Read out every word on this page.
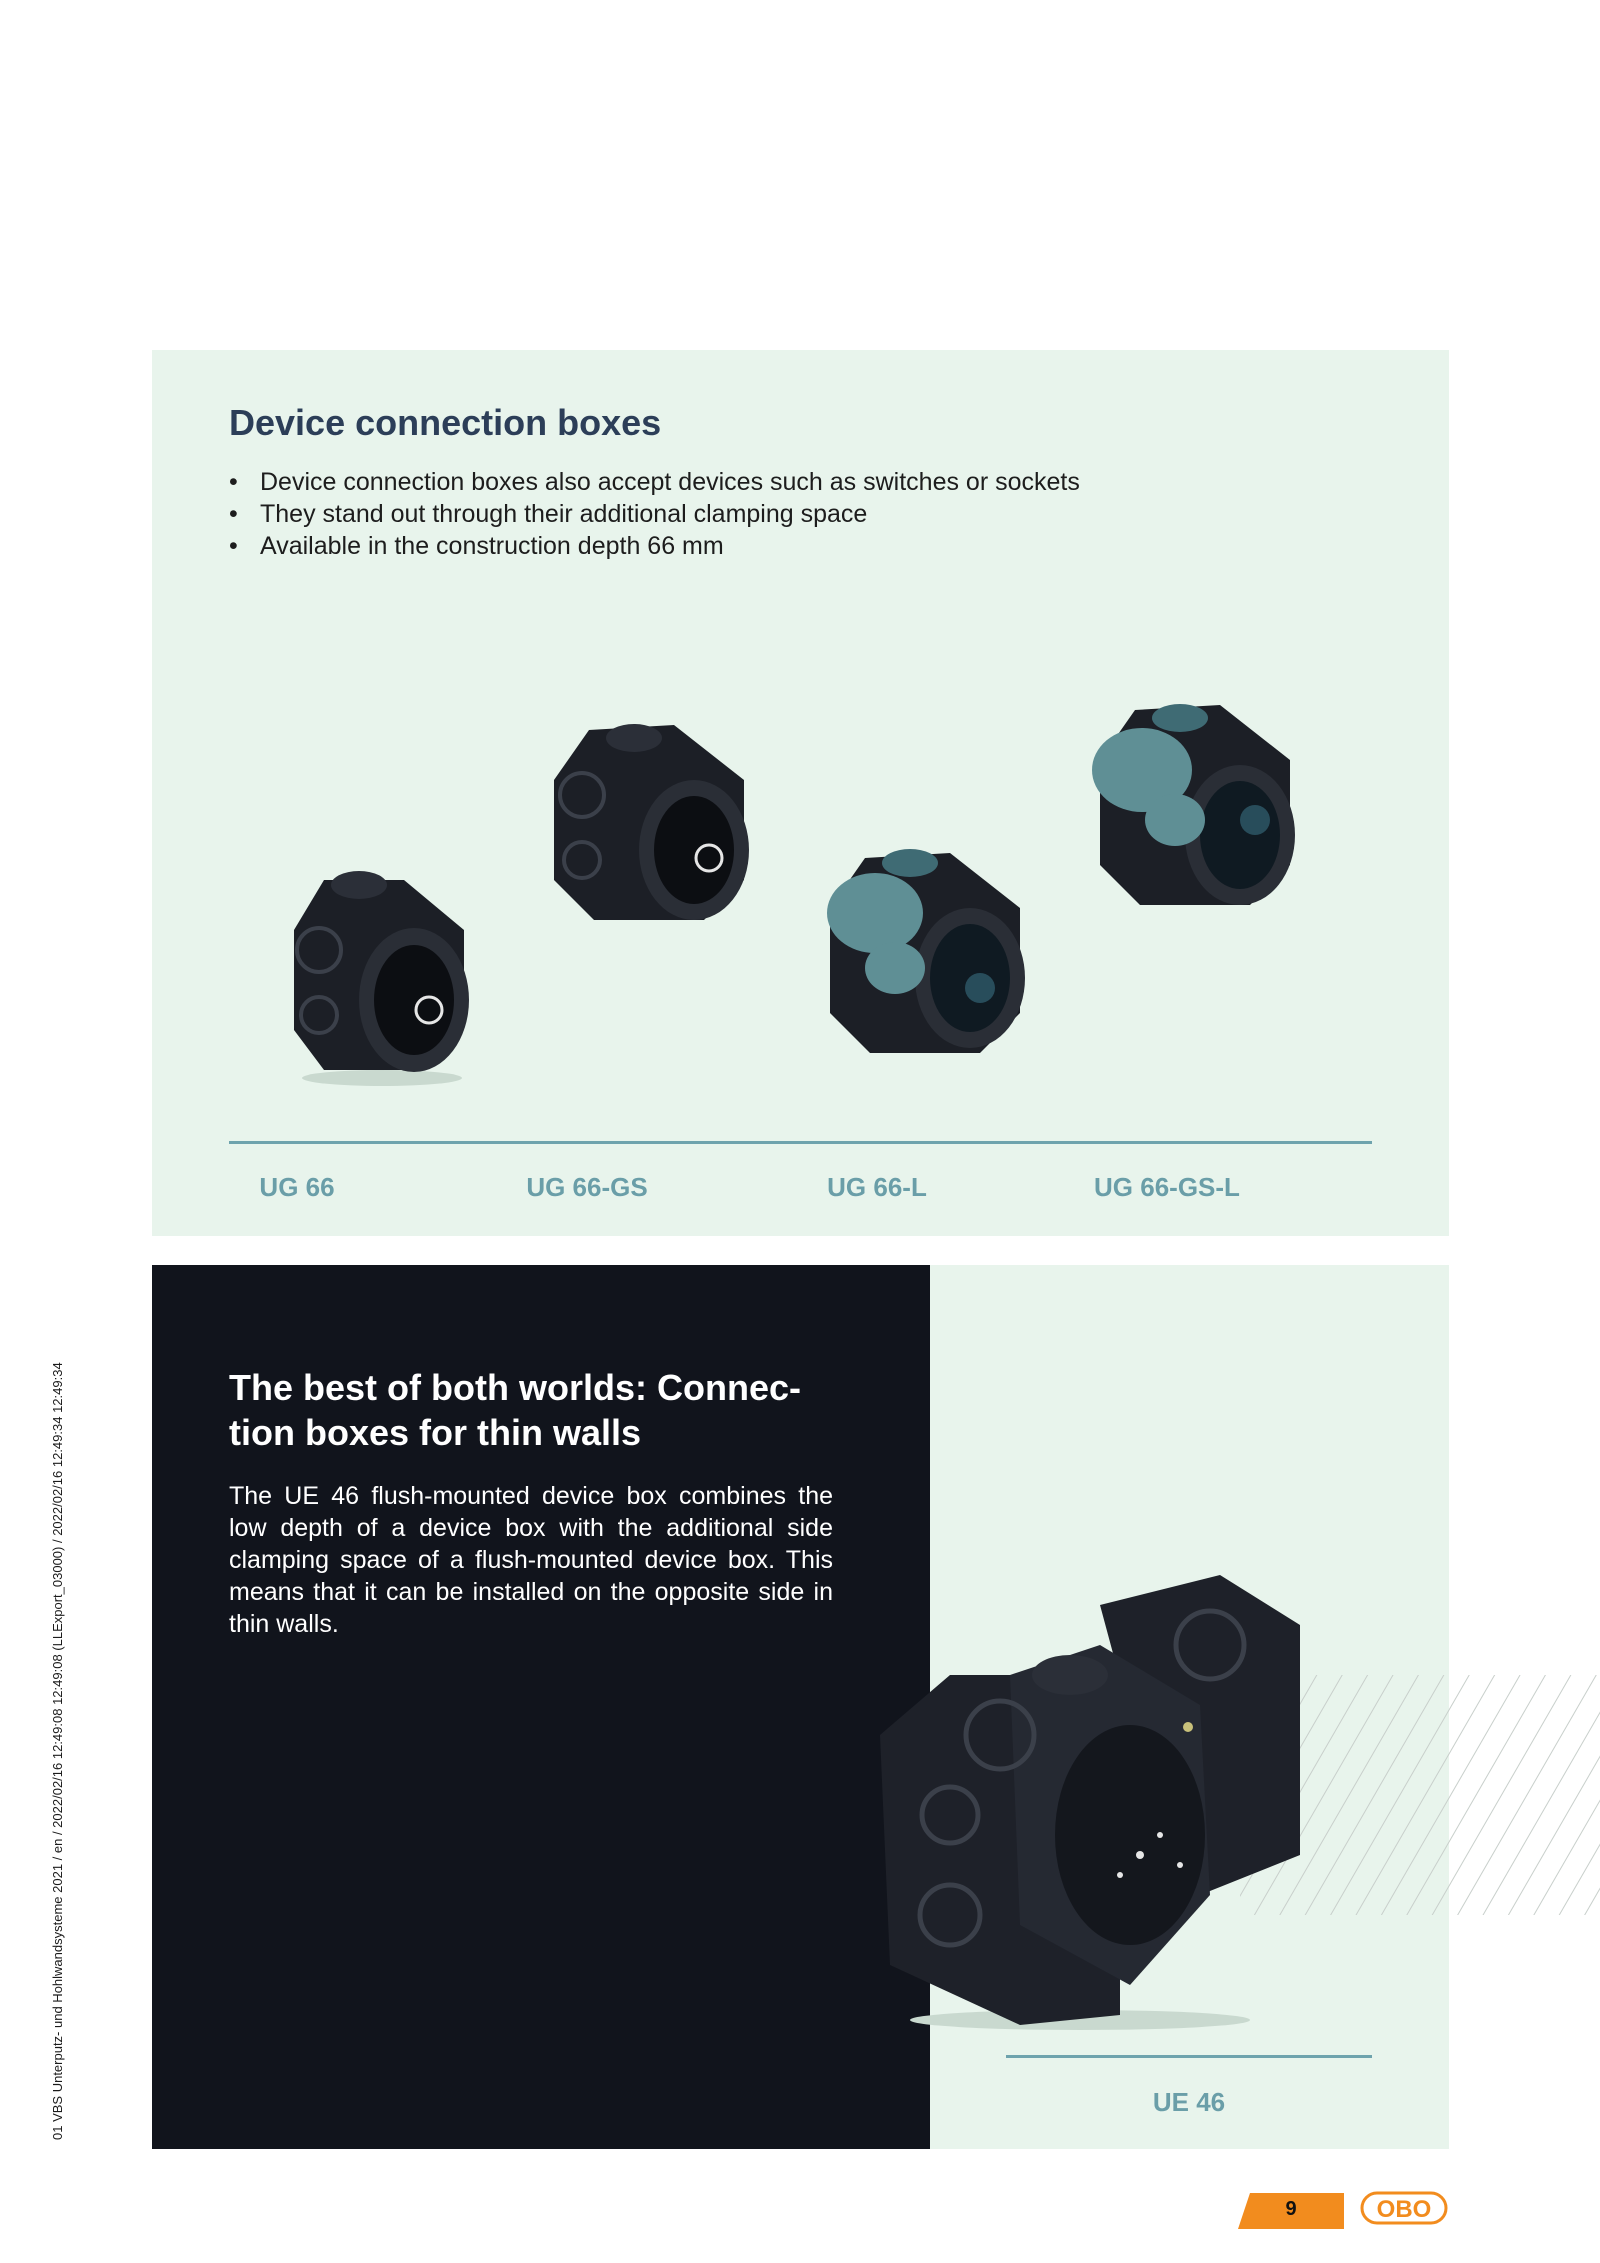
01 VBS Unterputz- und Hohlwandsysteme 2021 / en / 2022/02/16 12:49:08 12:49:08 (LLExport_03000) / 2022/02/16 12:49:34 12:49:34
Device connection boxes
• Device connection boxes also accept devices such as switches or sockets
• They stand out through their additional clamping space
• Available in the construction depth 66 mm
UG 66	UG 66-GS	UG 66-L	UG 66-GS-L
The best of both worlds: Connec-tion boxes for thin walls

The UE 46 flush-mounted device box combines the low depth of a device box with the additional side clamping space of a flush-mounted device box. This means that it can be installed on the opposite side in thin walls.

UE 46
9	OBO
